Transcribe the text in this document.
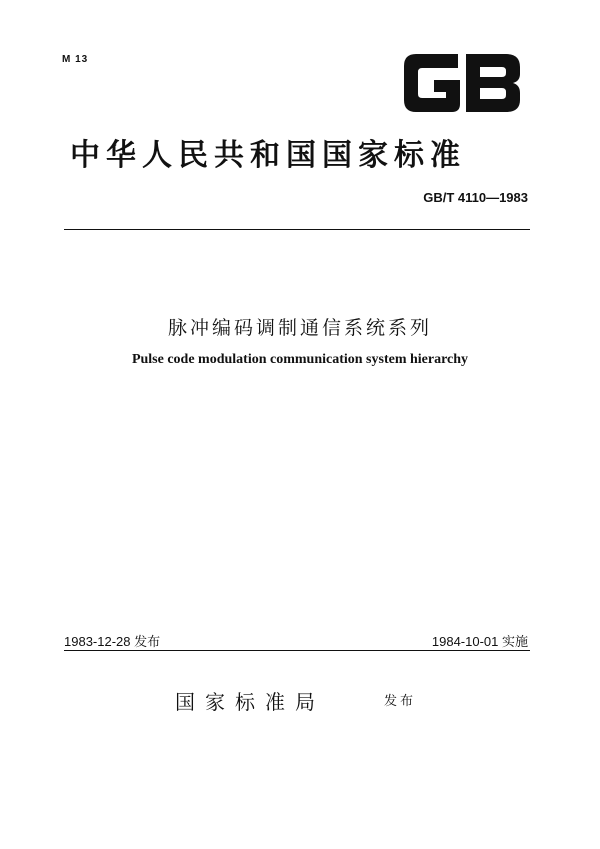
M 13
中华人民共和国国家标准
GB/T 4110—1983
脉冲编码调制通信系统系列
Pulse code modulation communication system hierarchy
1983-12-28 发布	1984-10-01 实施
国家标准局	发布
